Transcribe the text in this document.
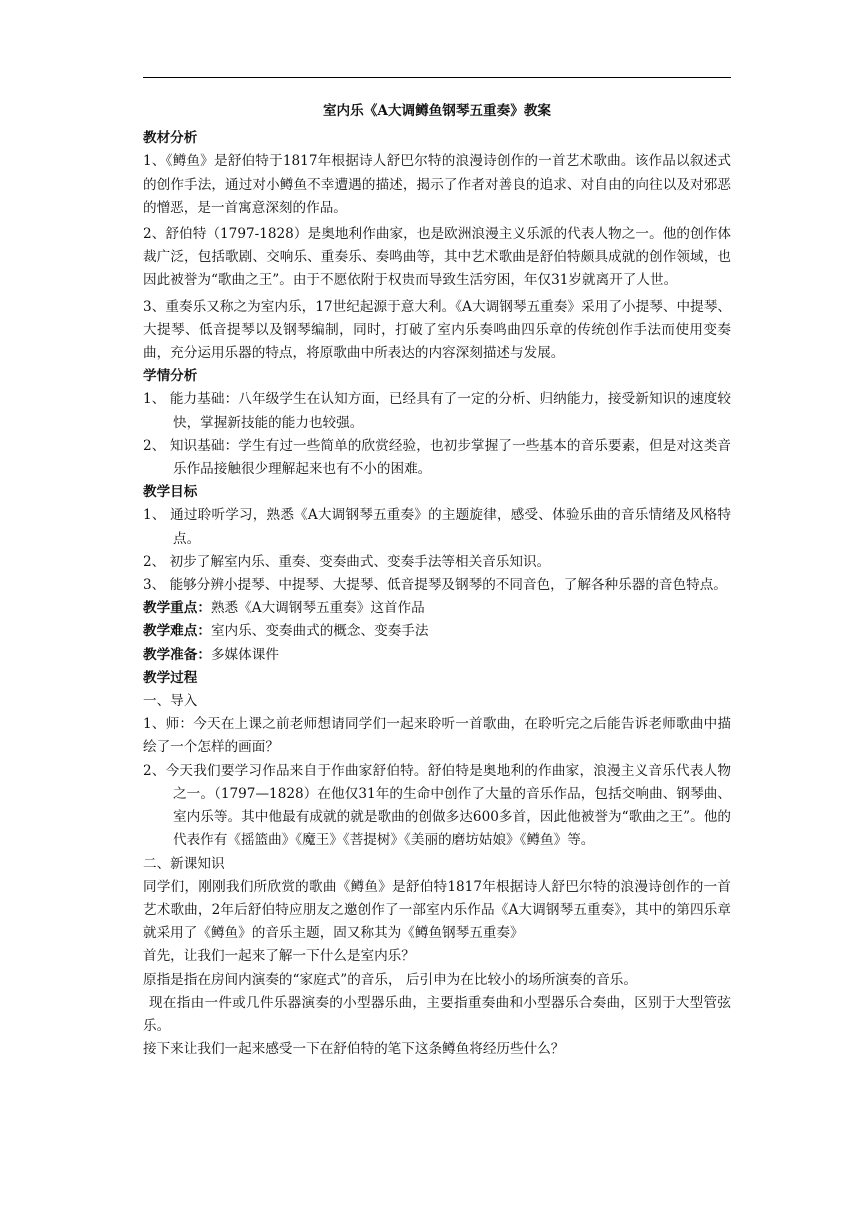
室内乐《A大调鳟鱼钢琴五重奏》教案

教材分析

1、《鳟鱼》是舒伯特于1817年根据诗人舒巴尔特的浪漫诗创作的一首艺术歌曲。该作品以叙述式的创作手法，通过对小鳟鱼不幸遭遇的描述，揭示了作者对善良的追求、对自由的向往以及对邪恶的憎恶，是一首寓意深刻的作品。

2、舒伯特（1797-1828）是奥地利作曲家，也是欧洲浪漫主义乐派的代表人物之一。他的创作体裁广泛，包括歌剧、交响乐、重奏乐、奏鸣曲等，其中艺术歌曲是舒伯特颇具成就的创作领域，也因此被誉为“歌曲之王”。由于不愿依附于权贵而导致生活穷困，年仅31岁就离开了人世。

3、重奏乐又称之为室内乐，17世纪起源于意大利。《A大调钢琴五重奏》采用了小提琴、中提琴、大提琴、低音提琴以及钢琴编制，同时，打破了室内乐奏鸣曲四乐章的传统创作手法而使用变奏曲，充分运用乐器的特点，将原歌曲中所表达的内容深刻描述与发展。

学情分析

1、 能力基础：八年级学生在认知方面，已经具有了一定的分析、归纳能力，接受新知识的速度较快，掌握新技能的能力也较强。

2、 知识基础：学生有过一些简单的欣赏经验，也初步掌握了一些基本的音乐要素，但是对这类音乐作品接触很少理解起来也有不小的困难。

教学目标

1、 通过聆听学习，熟悉《A大调钢琴五重奏》的主题旋律，感受、体验乐曲的音乐情绪及风格特点。

2、 初步了解室内乐、重奏、变奏曲式、变奏手法等相关音乐知识。

3、 能够分辨小提琴、中提琴、大提琴、低音提琴及钢琴的不同音色，了解各种乐器的音色特点。

教学重点：熟悉《A大调钢琴五重奏》这首作品

教学难点：室内乐、变奏曲式的概念、变奏手法

教学准备：多媒体课件

教学过程

一、导入

1、师：今天在上课之前老师想请同学们一起来聆听一首歌曲，在聆听完之后能告诉老师歌曲中描绘了一个怎样的画面？

2、今天我们要学习作品来自于作曲家舒伯特。舒伯特是奥地利的作曲家，浪漫主义音乐代表人物之一。（1797—1828）在他仅31年的生命中创作了大量的音乐作品，包括交响曲、钢琴曲、室内乐等。其中他最有成就的就是歌曲的创做多达600多首，因此他被誉为“歌曲之王”。他的代表作有《摇篮曲》《魔王》《菩提树》《美丽的磨坊姑娘》《鳟鱼》等。

二、新课知识

同学们，刚刚我们所欣赏的歌曲《鳟鱼》是舒伯特1817年根据诗人舒巴尔特的浪漫诗创作的一首艺术歌曲，2年后舒伯特应朋友之邀创作了一部室内乐作品《A大调钢琴五重奏》，其中的第四乐章就采用了《鳟鱼》的音乐主题，固又称其为《鳟鱼钢琴五重奏》

首先，让我们一起来了解一下什么是室内乐？

原指是指在房间内演奏的“家庭式”的音乐， 后引申为在比较小的场所演奏的音乐。

现在指由一件或几件乐器演奏的小型器乐曲，主要指重奏曲和小型器乐合奏曲，区别于大型管弦乐。

接下来让我们一起来感受一下在舒伯特的笔下这条鳟鱼将经历些什么？
